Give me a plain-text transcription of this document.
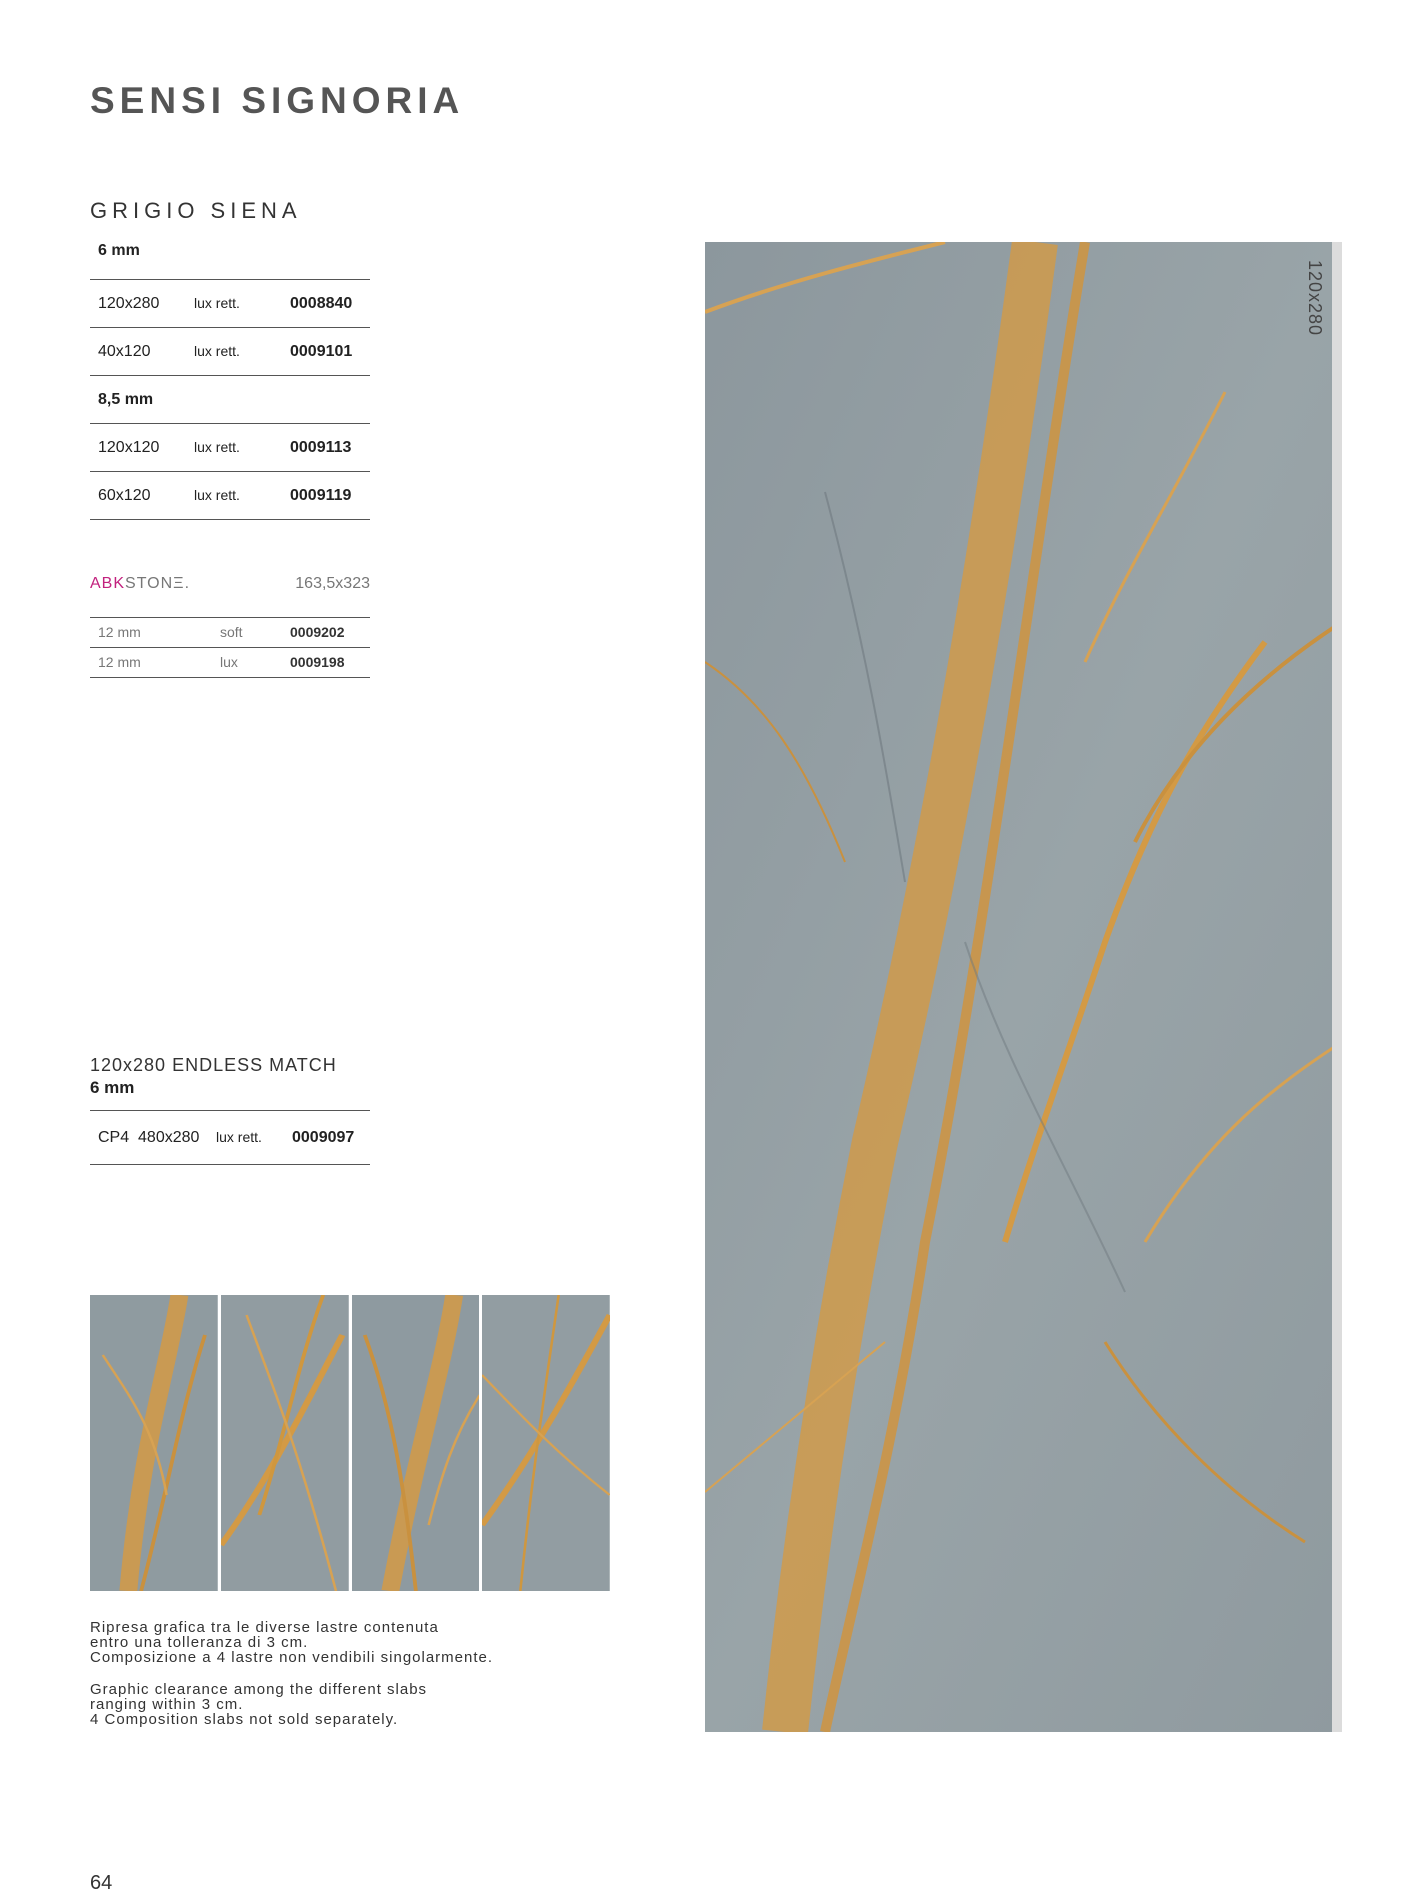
SENSI SIGNORIA
GRIGIO SIENA
6 mm
120x280 lux rett.	0008840
40x120	lux rett.	0009101
8,5 mm
120x120 lux rett.	0009113
60x120	lux rett.	0009119
ABKSTONΞ.	163,5x323
12 mm	soft	0009202
12 mm	lux	0009198
120x280 ENDLESS MATCH
6 mm
CP4  480x280 lux rett. 0009097

Ripresa grafica tra le diverse lastre contenuta
entro una tolleranza di 3 cm.
Composizione a 4 lastre non vendibili singolarmente.

Graphic clearance among the different slabs
ranging within 3 cm.
4 Composition slabs not sold separately.

120x280
64
